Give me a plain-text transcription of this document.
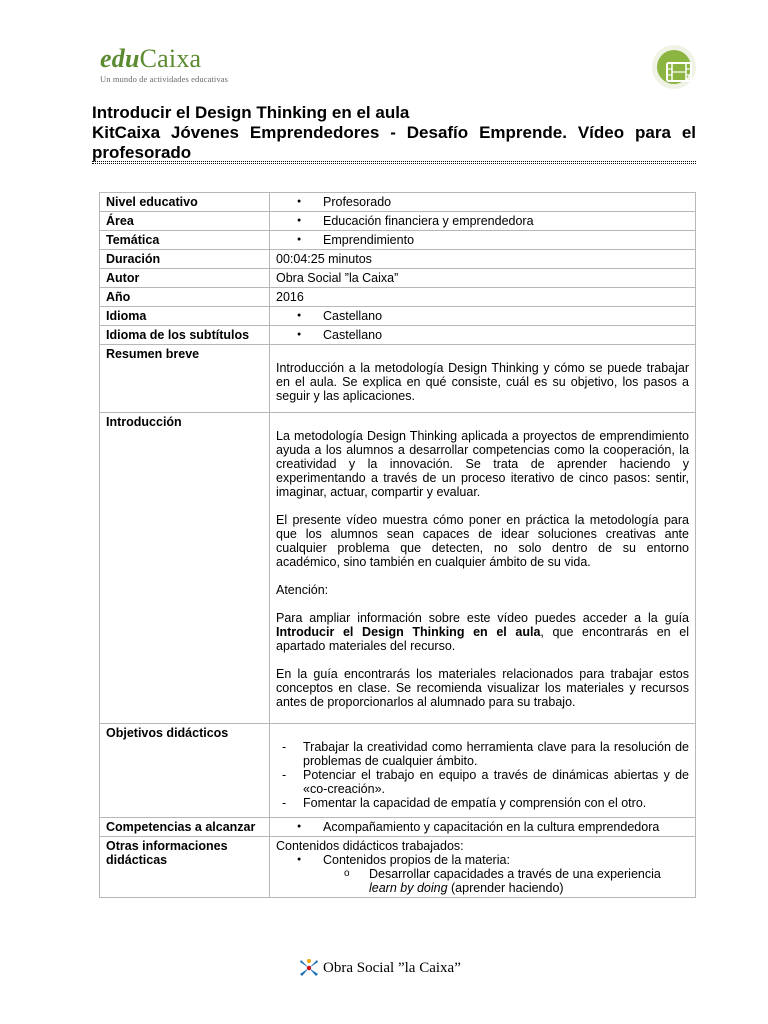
eduCaixa
Un mundo de actividades educativas

Introducir el Design Thinking en el aula

KitCaixa Jóvenes Emprendedores - Desafío Emprende. Vídeo para el profesorado

Nivel educativo	● Profesorado

Área	● Educación financiera y emprendedora

Temática	● Emprendimiento

Duración	00:04:25 minutos
Autor	Obra Social ”la Caixa”
Año	2016
Idioma	● Castellano

Idioma de los subtítulos	● Castellano

Resumen breve	Introducción a la metodología Design Thinking y cómo se puede trabajar en el aula. Se explica en qué consiste, cuál es su objetivo, los pasos a seguir y las aplicaciones.

Introducción	La metodología Design Thinking aplicada a proyectos de emprendimiento ayuda a los alumnos a desarrollar competencias como la cooperación, la creatividad y la innovación. Se trata de aprender haciendo y experimentando a través de un proceso iterativo de cinco pasos: sentir, imaginar, actuar, compartir y evaluar.

El presente vídeo muestra cómo poner en práctica la metodología para que los alumnos sean capaces de idear soluciones creativas ante cualquier problema que detecten, no solo dentro de su entorno académico, sino también en cualquier ámbito de su vida.

Atención:

Para ampliar información sobre este vídeo puedes acceder a la guía Introducir el Design Thinking en el aula, que encontrarás en el apartado materiales del recurso.

En la guía encontrarás los materiales relacionados para trabajar estos conceptos en clase. Se recomienda visualizar los materiales y recursos antes de proporcionarlos al alumnado para su trabajo.

Objetivos didácticos	- Trabajar la creatividad como herramienta clave para la resolución de problemas de cualquier ámbito.
- Potenciar el trabajo en equipo a través de dinámicas abiertas y de «co-creación».
- Fomentar la capacidad de empatía y comprensión con el otro.

Competencias a alcanzar	● Acompañamiento y capacitación en la cultura emprendedora

Otras informaciones didácticas	Contenidos didácticos trabajados:
● Contenidos propios de la materia:
o Desarrollar capacidades a través de una experiencia learn by doing (aprender haciendo)
Obra Social ”la Caixa”
